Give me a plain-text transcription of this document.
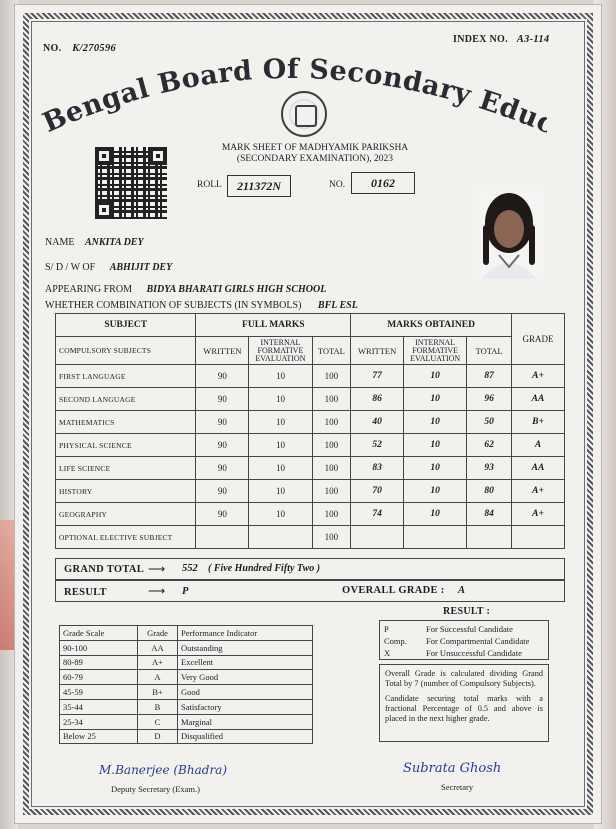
NO. K/270596
INDEX NO. A3-114
Bengal Board Of Secondary Edu
MARK SHEET OF MADHYAMIK PARIKSHA
(SECONDARY EXAMINATION), 2023
ROLL	211372N	NO.	0162
NAME ANKITA DEY
S/ D / W OF ABHIJIT DEY
APPEARING FROM BIDYA BHARATI GIRLS HIGH SCHOOL
WHETHER COMBINATION OF SUBJECTS (IN SYMBOLS) BFL ESL
SUBJECT	FULL MARKS			MARKS OBTAINED			GRADE
COMPULSORY SUBJECTS	WRITTEN	INTERNAL FORMATIVE EVALUATION	TOTAL	WRITTEN	INTERNAL FORMATIVE EVALUATION	TOTAL	
FIRST LANGUAGE	90	10	100	77	10	87	A+
SECOND LANGUAGE	90	10	100	86	10	96	AA
MATHEMATICS	90	10	100	40	10	50	B+
PHYSICAL SCIENCE	90	10	100	52	10	62	A
LIFE SCIENCE	90	10	100	83	10	93	AA
HISTORY	90	10	100	70	10	80	A+
GEOGRAPHY	90	10	100	74	10	84	A+
OPTIONAL ELECTIVE SUBJECT			100				
GRAND TOTAL ⟶ 552 ( Five Hundred Fifty Two )
RESULT	⟶ P	OVERALL GRADE : A
Grade Scale	Grade	Performance Indicator
90-100	AA	Outstanding
80-89	A+	Excellent
60-79	A	Very Good
45-59	B+	Good
35-44	B	Satisfactory
25-34	C	Marginal
Below 25	D	Disqualified
RESULT :
P	For Successful Candidate
Comp. For Compartmental Candidate
X	For Unsuccessful Candidate

Overall Grade is calculated dividing Grand Total by 7 (number of Compulsory Subjects).

Candidate securing total marks with a fractional Percentage of 0.5 and above is placed in the next higher grade.

M.Banerjee (Bhadra)
Deputy Secretary (Exam.)
Subrata Ghosh
Secretary
